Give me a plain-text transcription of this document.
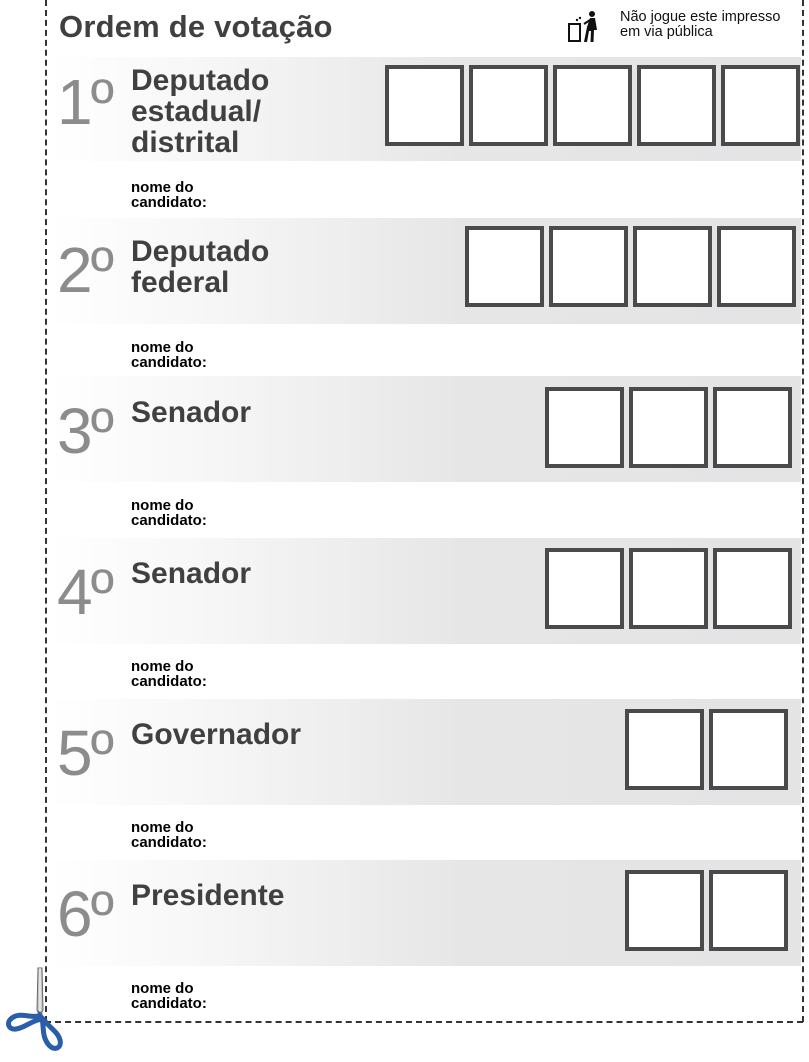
Ordem de votação	Não jogue este impresso
em via pública
1º Deputado
estadual/
distrital
nome do
candidato:
2º Deputado
federal
nome do
candidato:
3º Senador
nome do
candidato:
4º Senador
nome do
candidato:
5º Governador
nome do
candidato:
6º Presidente
nome do
candidato:
